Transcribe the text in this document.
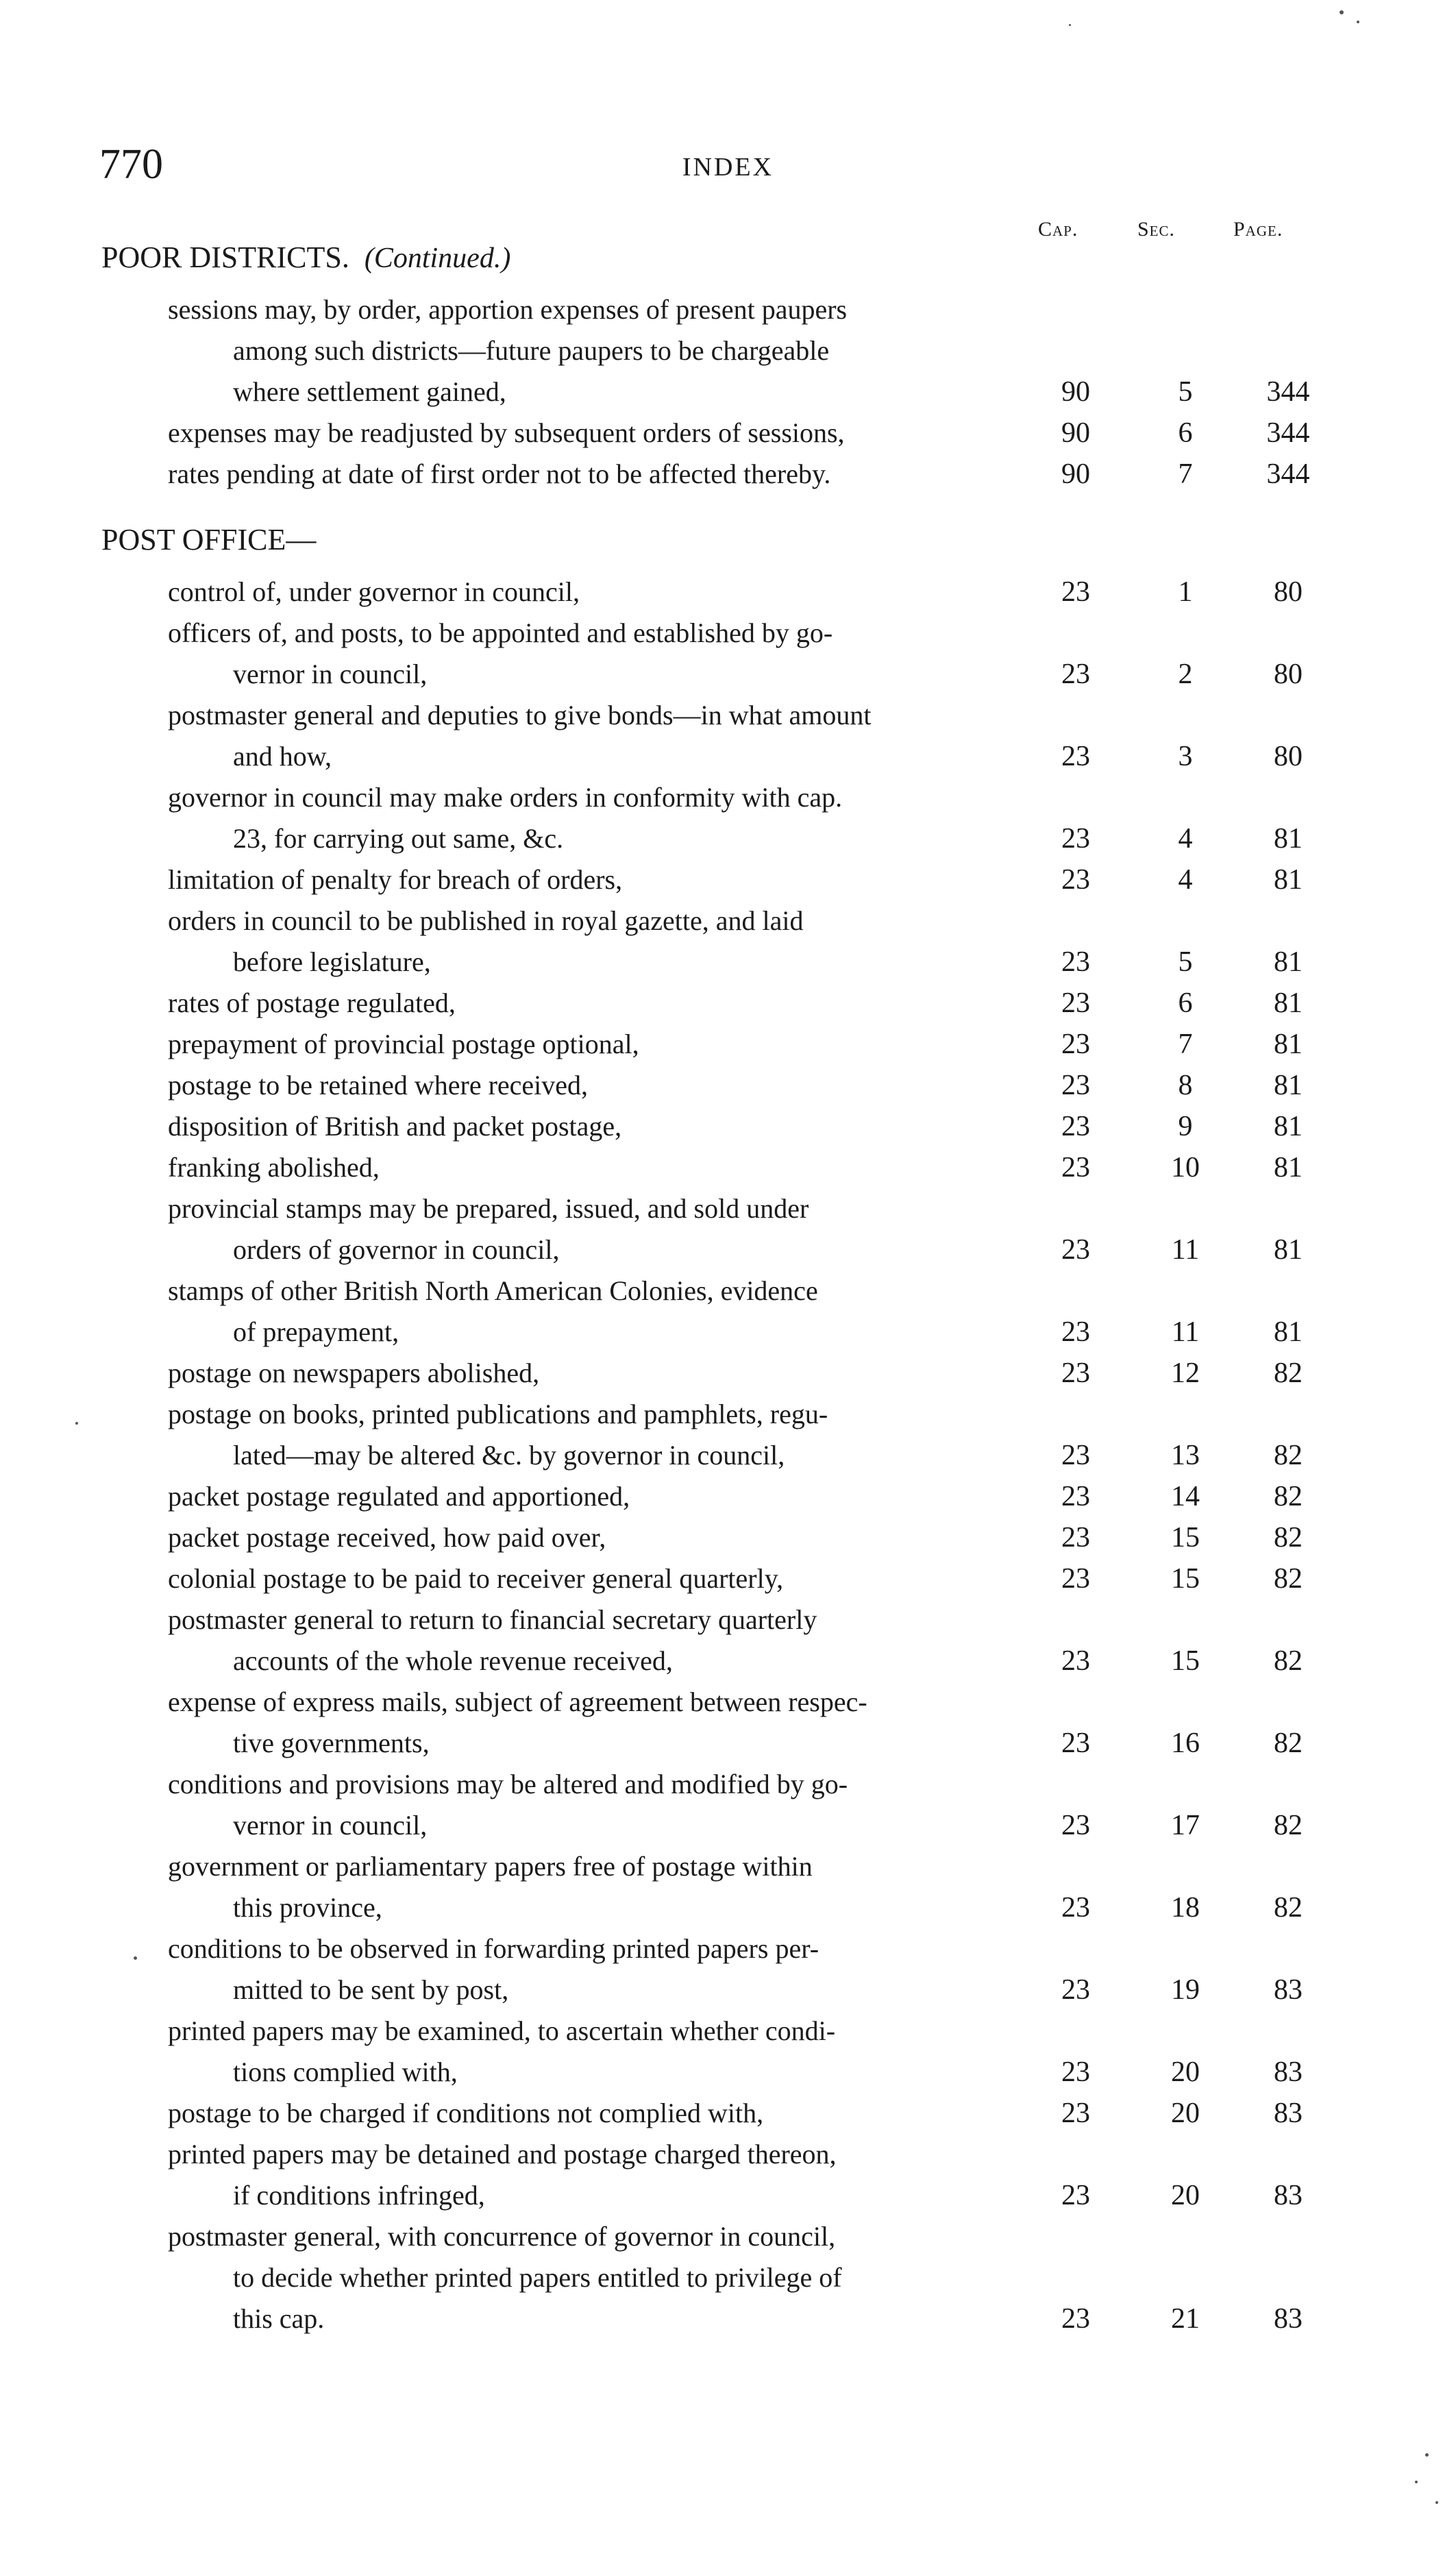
770	INDEX
Cap.	Sec.	Page.
POOR DISTRICTS.  (Continued.)
sessions may, by order, apportion expenses of present paupers
among such districts—future paupers to be chargeable
where settlement gained,	90	5	344
expenses may be readjusted by subsequent orders of sessions,	90	6	344
rates pending at date of first order not to be affected thereby.	90	7	344
POST OFFICE—
control of, under governor in council,	23	1	80
officers of, and posts, to be appointed and established by go-
vernor in council,	23	2	80
postmaster general and deputies to give bonds—in what amount
and how,	23	3	80
governor in council may make orders in conformity with cap.
23, for carrying out same, &c.	23	4	81
limitation of penalty for breach of orders,	23	4	81
orders in council to be published in royal gazette, and laid
before legislature,	23	5	81
rates of postage regulated,	23	6	81
prepayment of provincial postage optional,	23	7	81
postage to be retained where received,	23	8	81
disposition of British and packet postage,	23	9	81
franking abolished,	23	10	81
provincial stamps may be prepared, issued, and sold under
orders of governor in council,	23	11	81
stamps of other British North American Colonies, evidence
of prepayment,	23	11	81
postage on newspapers abolished,	23	12	82
postage on books, printed publications and pamphlets, regu-
lated—may be altered &c. by governor in council,	23	13	82
packet postage regulated and apportioned,	23	14	82
packet postage received, how paid over,	23	15	82
colonial postage to be paid to receiver general quarterly,	23	15	82
postmaster general to return to financial secretary quarterly
accounts of the whole revenue received,	23	15	82
expense of express mails, subject of agreement between respec-
tive governments,	23	16	82
conditions and provisions may be altered and modified by go-
vernor in council,	23	17	82
government or parliamentary papers free of postage within
this province,	23	18	82
conditions to be observed in forwarding printed papers per-
mitted to be sent by post,	23	19	83
printed papers may be examined, to ascertain whether condi-
tions complied with,	23	20	83
postage to be charged if conditions not complied with,	23	20	83
printed papers may be detained and postage charged thereon,
if conditions infringed,	23	20	83
postmaster general, with concurrence of governor in council,
to decide whether printed papers entitled to privilege of
this cap.	23	21	83
